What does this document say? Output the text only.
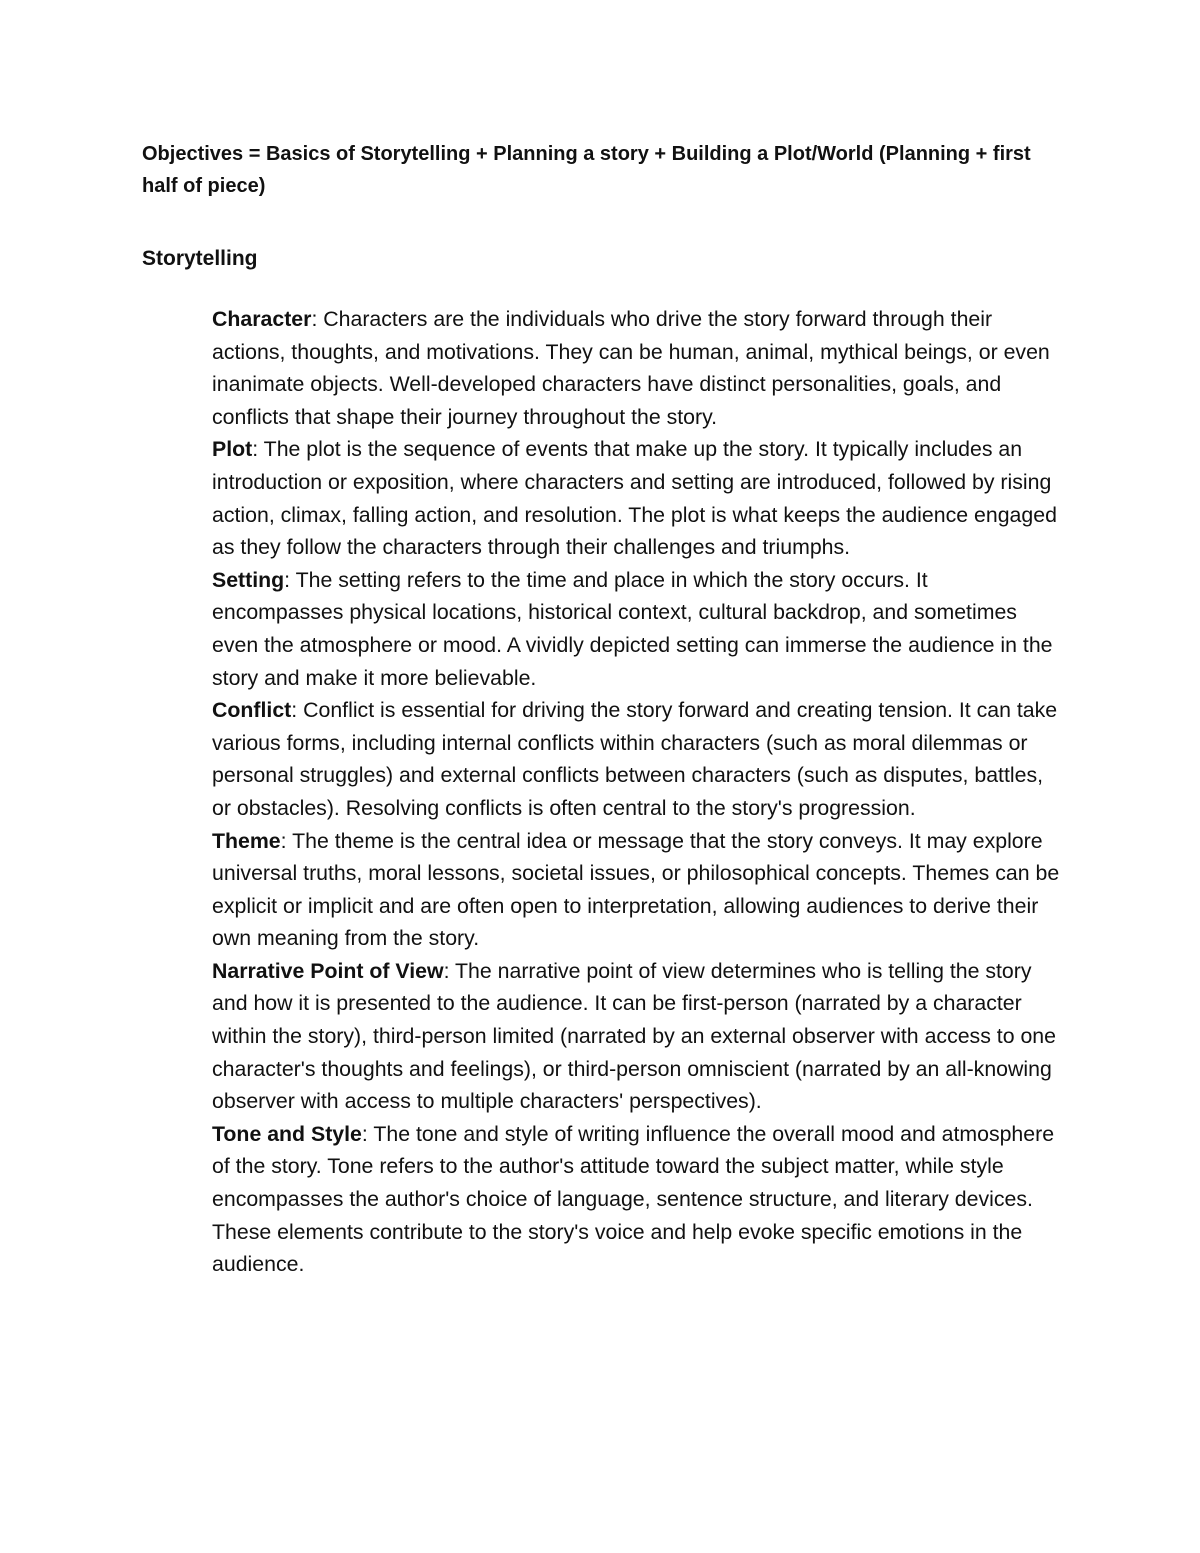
Objectives = Basics of Storytelling + Planning a story + Building a Plot/World (Planning + first half of piece)

Storytelling

Character: Characters are the individuals who drive the story forward through their actions, thoughts, and motivations. They can be human, animal, mythical beings, or even inanimate objects. Well-developed characters have distinct personalities, goals, and conflicts that shape their journey throughout the story.

Plot: The plot is the sequence of events that make up the story. It typically includes an introduction or exposition, where characters and setting are introduced, followed by rising action, climax, falling action, and resolution. The plot is what keeps the audience engaged as they follow the characters through their challenges and triumphs.

Setting: The setting refers to the time and place in which the story occurs. It encompasses physical locations, historical context, cultural backdrop, and sometimes even the atmosphere or mood. A vividly depicted setting can immerse the audience in the story and make it more believable.

Conflict: Conflict is essential for driving the story forward and creating tension. It can take various forms, including internal conflicts within characters (such as moral dilemmas or personal struggles) and external conflicts between characters (such as disputes, battles, or obstacles). Resolving conflicts is often central to the story's progression.

Theme: The theme is the central idea or message that the story conveys. It may explore universal truths, moral lessons, societal issues, or philosophical concepts. Themes can be explicit or implicit and are often open to interpretation, allowing audiences to derive their own meaning from the story.

Narrative Point of View: The narrative point of view determines who is telling the story and how it is presented to the audience. It can be first-person (narrated by a character within the story), third-person limited (narrated by an external observer with access to one character's thoughts and feelings), or third-person omniscient (narrated by an all-knowing observer with access to multiple characters' perspectives).

Tone and Style: The tone and style of writing influence the overall mood and atmosphere of the story. Tone refers to the author's attitude toward the subject matter, while style encompasses the author's choice of language, sentence structure, and literary devices. These elements contribute to the story's voice and help evoke specific emotions in the audience.
